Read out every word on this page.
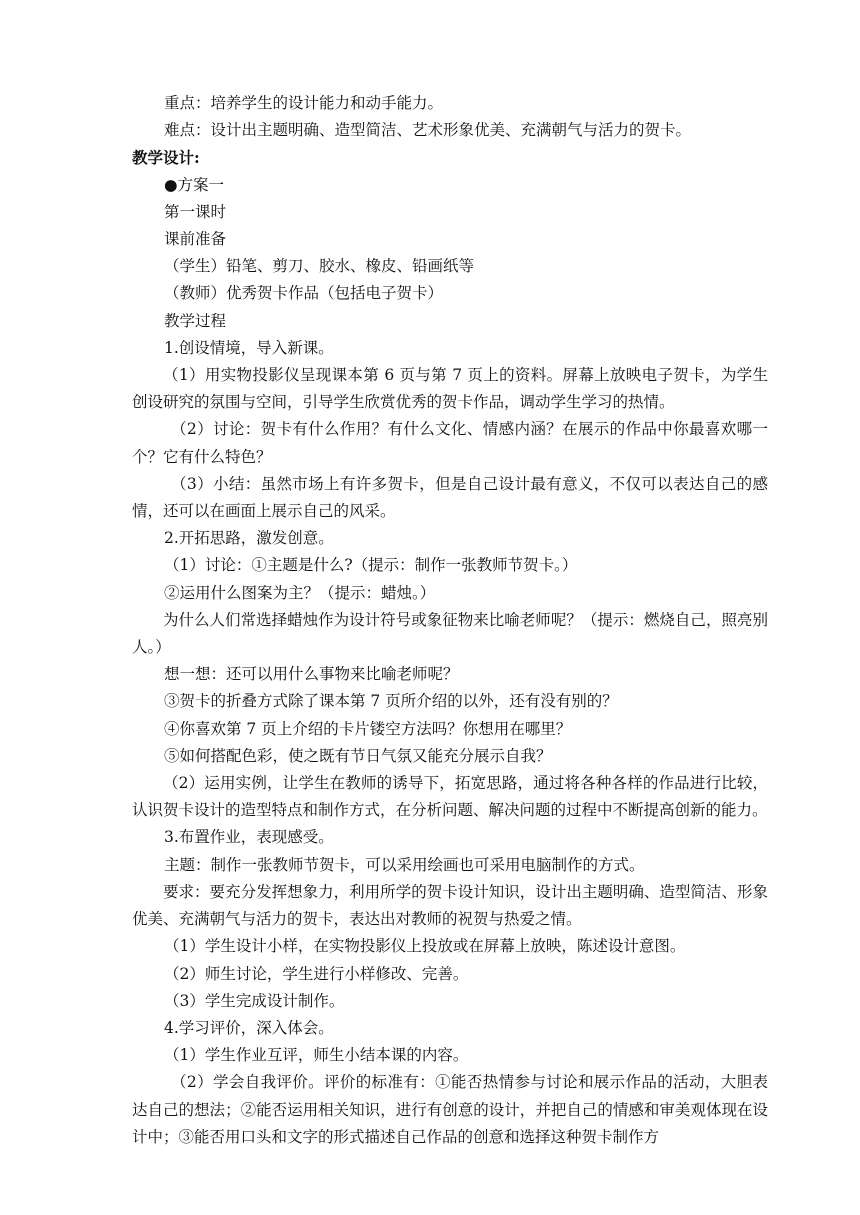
重点：培养学生的设计能力和动手能力。
难点：设计出主题明确、造型简洁、艺术形象优美、充满朝气与活力的贺卡。
教学设计:
●方案一
第一课时
课前准备
（学生）铅笔、剪刀、胶水、橡皮、铅画纸等
（教师）优秀贺卡作品（包括电子贺卡）
教学过程
1.创设情境，导入新课。
（1）用实物投影仪呈现课本第 6 页与第 7 页上的资料。屏幕上放映电子贺卡，为学生创设研究的氛围与空间，引导学生欣赏优秀的贺卡作品，调动学生学习的热情。
（2）讨论：贺卡有什么作用？有什么文化、情感内涵？在展示的作品中你最喜欢哪一个？它有什么特色？
（3）小结：虽然市场上有许多贺卡，但是自己设计最有意义，不仅可以表达自己的感情，还可以在画面上展示自己的风采。
2.开拓思路，激发创意。
（1）讨论：①主题是什么?（提示：制作一张教师节贺卡。）
②运用什么图案为主？（提示：蜡烛。）
为什么人们常选择蜡烛作为设计符号或象征物来比喻老师呢？（提示：燃烧自己，照亮别人。）
想一想：还可以用什么事物来比喻老师呢？
③贺卡的折叠方式除了课本第 7 页所介绍的以外，还有没有别的？
④你喜欢第 7 页上介绍的卡片镂空方法吗？你想用在哪里？
⑤如何搭配色彩，使之既有节日气氛又能充分展示自我？
（2）运用实例，让学生在教师的诱导下，拓宽思路，通过将各种各样的作品进行比较，认识贺卡设计的造型特点和制作方式，在分析问题、解决问题的过程中不断提高创新的能力。
3.布置作业，表现感受。
主题：制作一张教师节贺卡，可以采用绘画也可采用电脑制作的方式。
要求：要充分发挥想象力，利用所学的贺卡设计知识，设计出主题明确、造型简洁、形象优美、充满朝气与活力的贺卡，表达出对教师的祝贺与热爱之情。
（1）学生设计小样，在实物投影仪上投放或在屏幕上放映，陈述设计意图。
（2）师生讨论，学生进行小样修改、完善。
（3）学生完成设计制作。
4.学习评价，深入体会。
（1）学生作业互评，师生小结本课的内容。
（2）学会自我评价。评价的标准有：①能否热情参与讨论和展示作品的活动，大胆表达自己的想法；②能否运用相关知识，进行有创意的设计，并把自己的情感和审美观体现在设计中；③能否用口头和文字的形式描述自己作品的创意和选择这种贺卡制作方
